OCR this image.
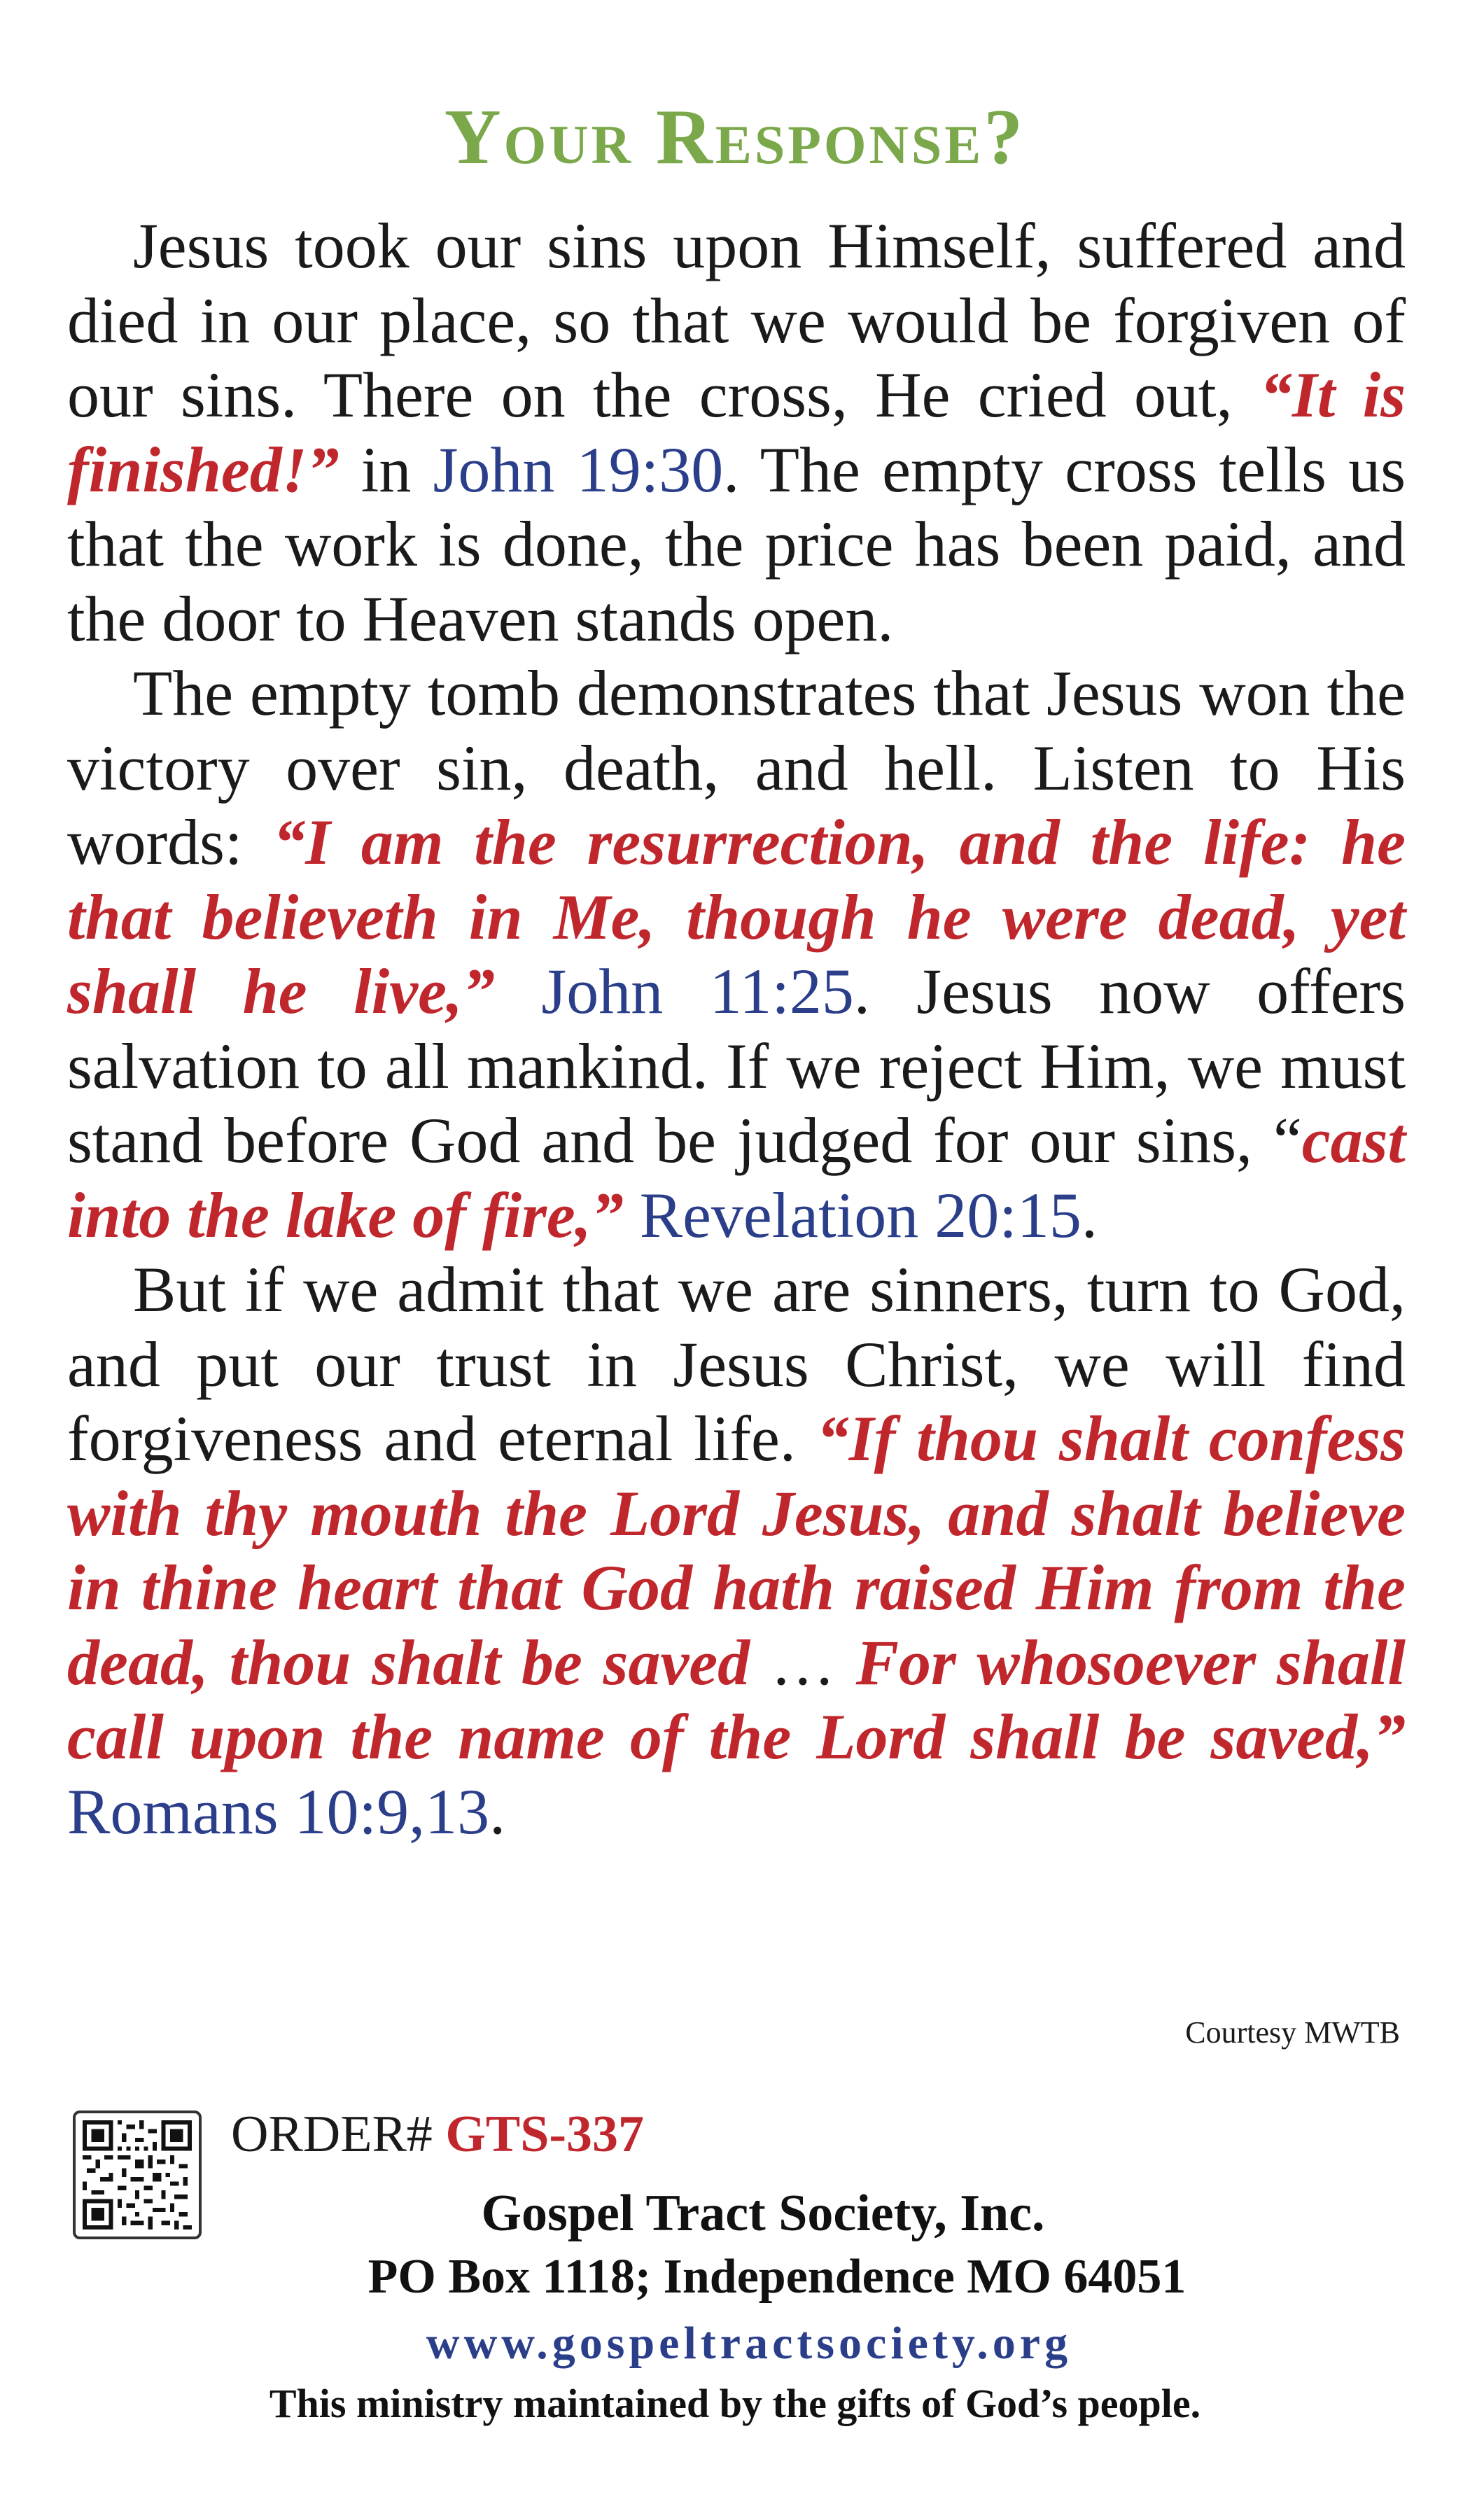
Your Response?

Jesus took our sins upon Himself, suffered and died in our place, so that we would be forgiven of our sins. There on the cross, He cried out, “It is finished!” in John 19:30. The empty cross tells us that the work is done, the price has been paid, and the door to Heaven stands open.

The empty tomb demonstrates that Jesus won the victory over sin, death, and hell. Listen to His words: “I am the resurrection, and the life: he that believeth in Me, though he were dead, yet shall he live,” John 11:25. Jesus now offers salvation to all mankind. If we reject Him, we must stand before God and be judged for our sins, “cast into the lake of fire,” Revelation 20:15.

But if we admit that we are sinners, turn to God, and put our trust in Jesus Christ, we will find forgiveness and eternal life. “If thou shalt confess with thy mouth the Lord Jesus, and shalt believe in thine heart that God hath raised Him from the dead, thou shalt be saved … For whosoever shall call upon the name of the Lord shall be saved,” Romans 10:9,13.

Courtesy MWTB
ORDER# GTS-337
Gospel Tract Society, Inc.
PO Box 1118; Independence MO 64051
www.gospeltractsociety.org
This ministry maintained by the gifts of God’s people.
